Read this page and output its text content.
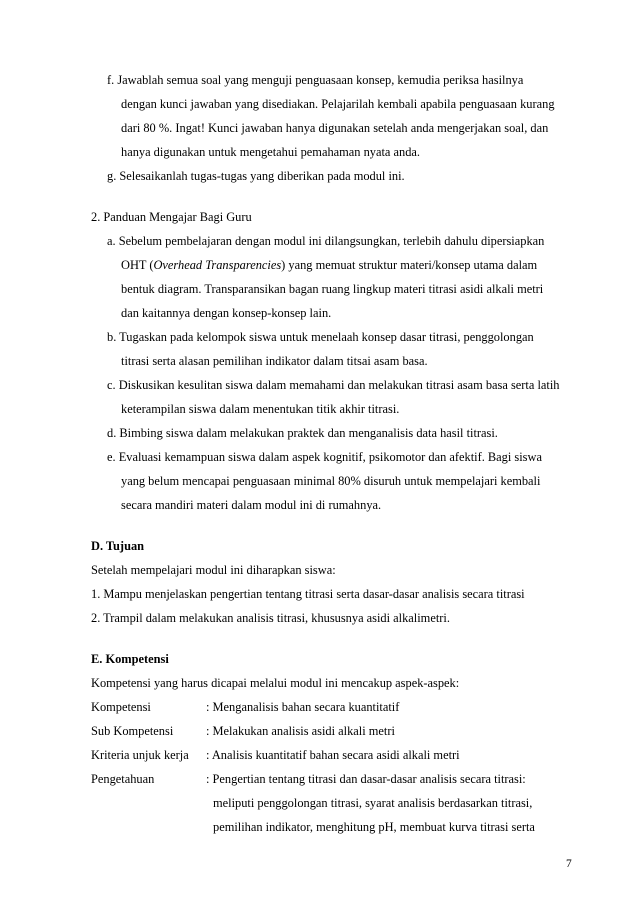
f. Jawablah semua soal yang menguji penguasaan konsep, kemudia periksa hasilnya
dengan kunci jawaban yang disediakan. Pelajarilah kembali apabila penguasaan kurang
dari 80 %. Ingat! Kunci jawaban hanya digunakan setelah anda mengerjakan soal, dan
hanya digunakan untuk mengetahui pemahaman nyata anda.
g. Selesaikanlah tugas-tugas yang diberikan pada modul ini.
2. Panduan Mengajar Bagi Guru
a. Sebelum pembelajaran dengan modul ini dilangsungkan, terlebih dahulu dipersiapkan
OHT (Overhead Transparencies) yang memuat struktur materi/konsep utama dalam
bentuk diagram. Transparansikan bagan ruang lingkup materi titrasi asidi alkali metri
dan kaitannya dengan konsep-konsep lain.
b. Tugaskan pada kelompok siswa untuk menelaah konsep dasar titrasi, penggolongan
titrasi serta alasan pemilihan indikator dalam titsai asam basa.
c. Diskusikan kesulitan siswa dalam memahami dan melakukan titrasi asam basa serta latih
keterampilan siswa dalam menentukan titik akhir titrasi.
d. Bimbing siswa dalam melakukan praktek dan menganalisis data hasil titrasi.
e. Evaluasi kemampuan siswa dalam aspek kognitif, psikomotor dan afektif. Bagi siswa
yang belum mencapai penguasaan minimal 80% disuruh untuk mempelajari kembali
secara mandiri materi dalam modul ini di rumahnya.
D. Tujuan
Setelah mempelajari modul ini diharapkan siswa:
1. Mampu menjelaskan pengertian tentang titrasi serta dasar-dasar analisis secara titrasi
2. Trampil dalam melakukan analisis titrasi, khususnya asidi alkalimetri.
E. Kompetensi
Kompetensi yang harus dicapai melalui modul ini mencakup aspek-aspek:
Kompetensi	: Menganalisis bahan secara kuantitatif
Sub Kompetensi	: Melakukan analisis asidi alkali metri
Kriteria unjuk kerja : Analisis kuantitatif bahan secara asidi alkali metri
Pengetahuan	: Pengertian tentang titrasi dan dasar-dasar analisis secara titrasi:
meliputi penggolongan titrasi, syarat analisis berdasarkan titrasi,
pemilihan indikator, menghitung pH, membuat kurva titrasi serta
7
